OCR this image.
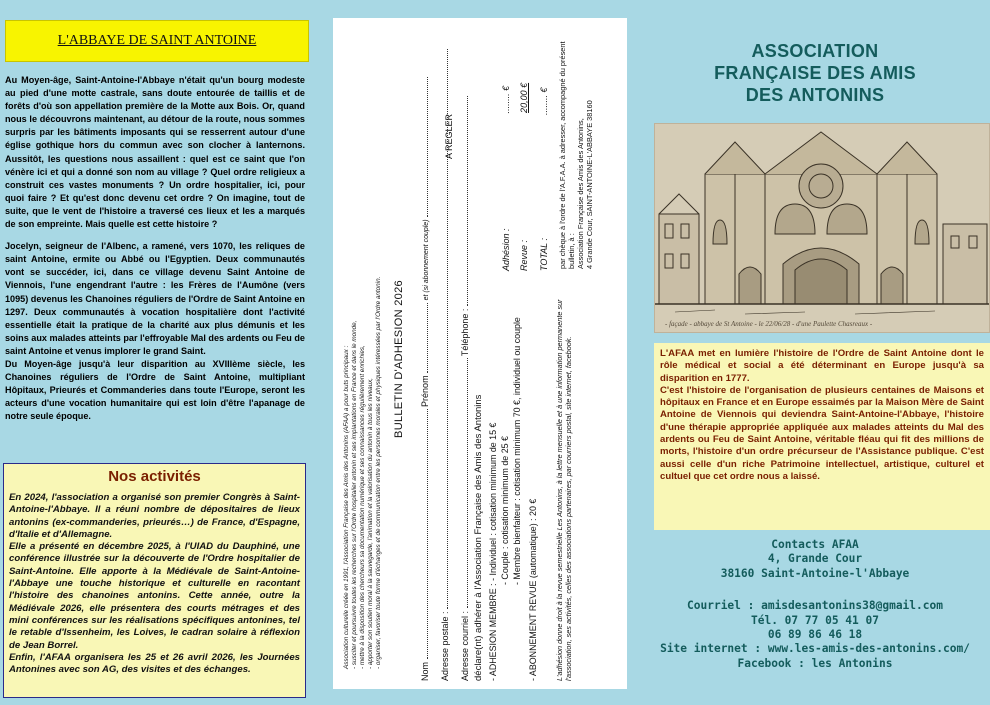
L'ABBAYE DE SAINT ANTOINE

Au Moyen-âge, Saint-Antoine-l'Abbaye n'était qu'un bourg modeste au pied d'une motte castrale, sans doute entourée de taillis et de forêts d'où son appellation première de la Motte aux Bois. Or, quand nous le découvrons maintenant, au détour de la route, nous sommes surpris par les bâtiments imposants qui se resserrent autour d'une église gothique hors du commun avec son clocher à lanternons. Aussitôt, les questions nous assaillent : quel est ce saint que l'on vénère ici et qui a donné son nom au village ? Quel ordre religieux a construit ces vastes monuments ? Un ordre hospitalier, ici, pour quoi faire ? Et qu'est donc devenu cet ordre ? On imagine, tout de suite, que le vent de l'histoire a traversé ces lieux et les a marqués de son empreinte. Mais quelle est cette histoire ?

Jocelyn, seigneur de l'Albenc, a ramené, vers 1070, les reliques de saint Antoine, ermite ou Abbé ou l'Egyptien. Deux communautés vont se succéder, ici, dans ce village devenu Saint Antoine de Viennois, l'une engendrant l'autre : les Frères de l'Aumône (vers 1095) devenus les Chanoines réguliers de l'Ordre de Saint Antoine en 1297. Deux communautés à vocation hospitalière dont l'activité essentielle était la pratique de la charité aux plus démunis et les soins aux malades atteints par l'effroyable Mal des ardents ou Feu de saint Antoine et venus implorer le grand Saint.

Du Moyen-âge jusqu'à leur disparition au XVIIIème siècle, les Chanoines réguliers de l'Ordre de Saint Antoine, multipliant Hôpitaux, Prieurés et Commanderies dans toute l'Europe, seront les acteurs d'une vocation humanitaire qui est loin d'être l'apanage de notre seule époque.

Nos activités

En 2024, l'association a organisé son premier Congrès à Saint-Antoine-l'Abbaye. Il a réuni nombre de dépositaires de lieux antonins (ex-commanderies, prieurés…) de France, d'Espagne, d'Italie et d'Allemagne.

Elle a présenté en décembre 2025, à l'UIAD du Dauphiné, une conférence illustrée sur la découverte de l'Ordre hospitalier de Saint-Antoine. Elle apporte à la Médiévale de Saint-Antoine-l'Abbaye une touche historique et culturelle en racontant l'histoire des chanoines antonins. Cette année, outre la Médiévale 2026, elle présentera des courts métrages et des mini conférences sur les réalisations spécifiques antonines, tel le retable d'Issenheim, les Loives, le cadran solaire à réflexion de Jean Borrel.

Enfin, l'AFAA organisera les 25 et 26 avril 2026, les Journées Antonines avec son AG, des visites et des échanges.

Association culturelle créée en 1991, l'Association Française des Amis des Antonins (AFAA) a pour buts principaux : - susciter et poursuivre toutes les recherches sur l'Ordre hospitalier antonin et ses implantations en France et dans le monde, - mettre à la disposition des chercheurs sa documentation numérique et ses connaissances régulièrement enrichies, - apporter son soutien moral à la sauvegarde, l'animation et la valorisation du antonin à tous les niveaux, - organiser, favoriser toute forme d'échanges et de communication entre les personnes morales et physiques intéressées par l'Ordre antonin. BULLETIN D'ADHESION 2026
Nom  Prénom  et (si abonnement couple)
Adresse postale : Adresse courriel :  Téléphone :
déclare(nt) adhérer à l'Association Française des Amis des Antonins - ADHESION MEMBRE : - Individuel : cotisation minimum de 15 € - Couple : cotisation minimum de 25 € - Membre bienfaiteur : cotisation minimum 70 €, individuel ou couple
- ABONNEMENT REVUE (automatique) : 20 €
A REGLER
Adhésion :  ........ €
Revue :  20,00 €
TOTAL :  ........ €
L'adhésion donne droit à la revue semestrielle Les Antonins, à la lettre mensuelle et à une information permanente sur l'association, ses activités, celles des associations partenaires, par courriers postal, site internet, facebook.
par chèque à l'ordre de l'A.F.A.A. à adresser, accompagné du présent bulletin, à : Association Française des Amis des Antonins, 4 Grande Cour, SAINT-ANTOINE-L'ABBAYE 38160
ASSOCIATION FRANÇAISE DES AMIS DES ANTONINS
- façade - abbaye de St Antoine - le 22/06/28 - d'une Paulette Chasreaux -

L'AFAA met en lumière l'histoire de l'Ordre de Saint Antoine dont le rôle médical et social a été déterminant en Europe jusqu'à sa disparition en 1777.

C'est l'histoire de l'organisation de plusieurs centaines de Maisons et hôpitaux en France et en Europe essaimés par la Maison Mère de Saint Antoine de Viennois qui deviendra Saint-Antoine-l'Abbaye, l'histoire d'une thérapie appropriée appliquée aux malades atteints du Mal des ardents ou Feu de Saint Antoine, véritable fléau qui fit des millions de morts, l'histoire d'un ordre précurseur de l'Assistance publique. C'est aussi celle d'un riche Patrimoine intellectuel, artistique, culturel et cultuel que cet ordre nous a laissé.

Contacts AFAA
4, Grande Cour
38160 Saint-Antoine-l'Abbaye
Courriel : amisdesantonins38@gmail.com
Tél. 07 77 05 41 07
06 89 86 46 18
Site internet : www.les-amis-des-antonins.com/
Facebook : les Antonins
